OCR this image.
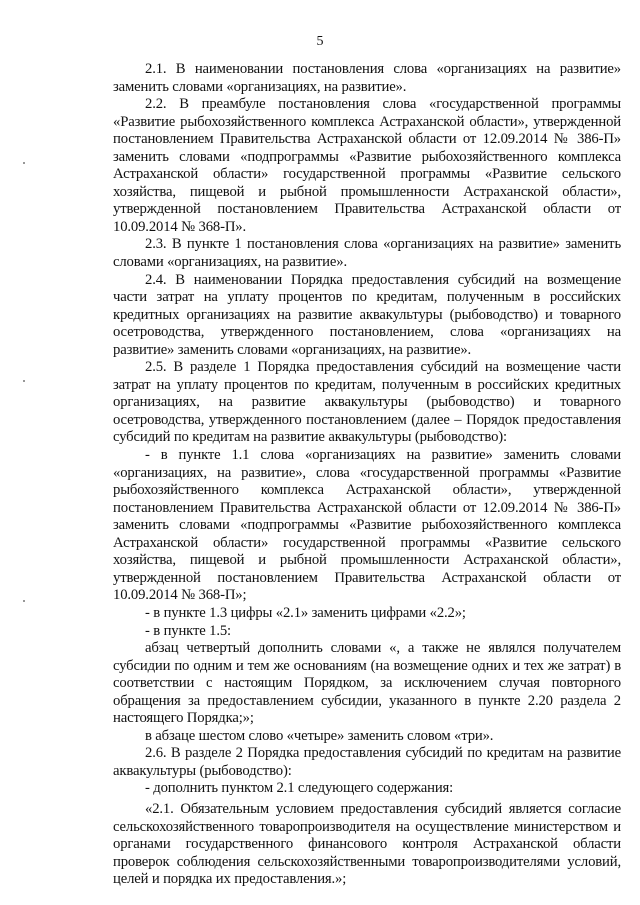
5

2.1. В наименовании постановления слова «организациях на развитие» заменить словами «организациях, на развитие».

2.2. В преамбуле постановления слова «государственной программы «Развитие рыбохозяйственного комплекса Астраханской области», утвержденной постановлением Правительства Астраханской области от 12.09.2014 № 386-П» заменить словами «подпрограммы «Развитие рыбохозяйственного комплекса Астраханской области» государственной программы «Развитие сельского хозяйства, пищевой и рыбной промышленности Астраханской области», утвержденной постановлением Правительства Астраханской области от 10.09.2014 № 368-П».

2.3. В пункте 1 постановления слова «организациях на развитие» заменить словами «организациях, на развитие».

2.4. В наименовании Порядка предоставления субсидий на возмещение части затрат на уплату процентов по кредитам, полученным в российских кредитных организациях на развитие аквакультуры (рыбоводство) и товарного осетроводства, утвержденного постановлением, слова «организациях на развитие» заменить словами «организациях, на развитие».

2.5. В разделе 1 Порядка предоставления субсидий на возмещение части затрат на уплату процентов по кредитам, полученным в российских кредитных организациях, на развитие аквакультуры (рыбоводство) и товарного осетроводства, утвержденного постановлением (далее – Порядок предоставления субсидий по кредитам на развитие аквакультуры (рыбоводство):

- в пункте 1.1 слова «организациях на развитие» заменить словами «организациях, на развитие», слова «государственной программы «Развитие рыбохозяйственного комплекса Астраханской области», утвержденной постановлением Правительства Астраханской области от 12.09.2014 № 386-П» заменить словами «подпрограммы «Развитие рыбохозяйственного комплекса Астраханской области» государственной программы «Развитие сельского хозяйства, пищевой и рыбной промышленности Астраханской области», утвержденной постановлением Правительства Астраханской области от 10.09.2014 № 368-П»;

- в пункте 1.3 цифры «2.1» заменить цифрами «2.2»;

- в пункте 1.5:

абзац четвертый дополнить словами «, а также не являлся получателем субсидии по одним и тем же основаниям (на возмещение одних и тех же затрат) в соответствии с настоящим Порядком, за исключением случая повторного обращения за предоставлением субсидии, указанного в пункте 2.20 раздела 2 настоящего Порядка;»;

в абзаце шестом слово «четыре» заменить словом «три».

2.6. В разделе 2 Порядка предоставления субсидий по кредитам на развитие аквакультуры (рыбоводство):

- дополнить пунктом 2.1 следующего содержания:

«2.1. Обязательным условием предоставления субсидий является согласие сельскохозяйственного товаропроизводителя на осуществление министерством и органами государственного финансового контроля Астраханской области проверок соблюдения сельскохозяйственными товаропроизводителями условий, целей и порядка их предоставления.»;
